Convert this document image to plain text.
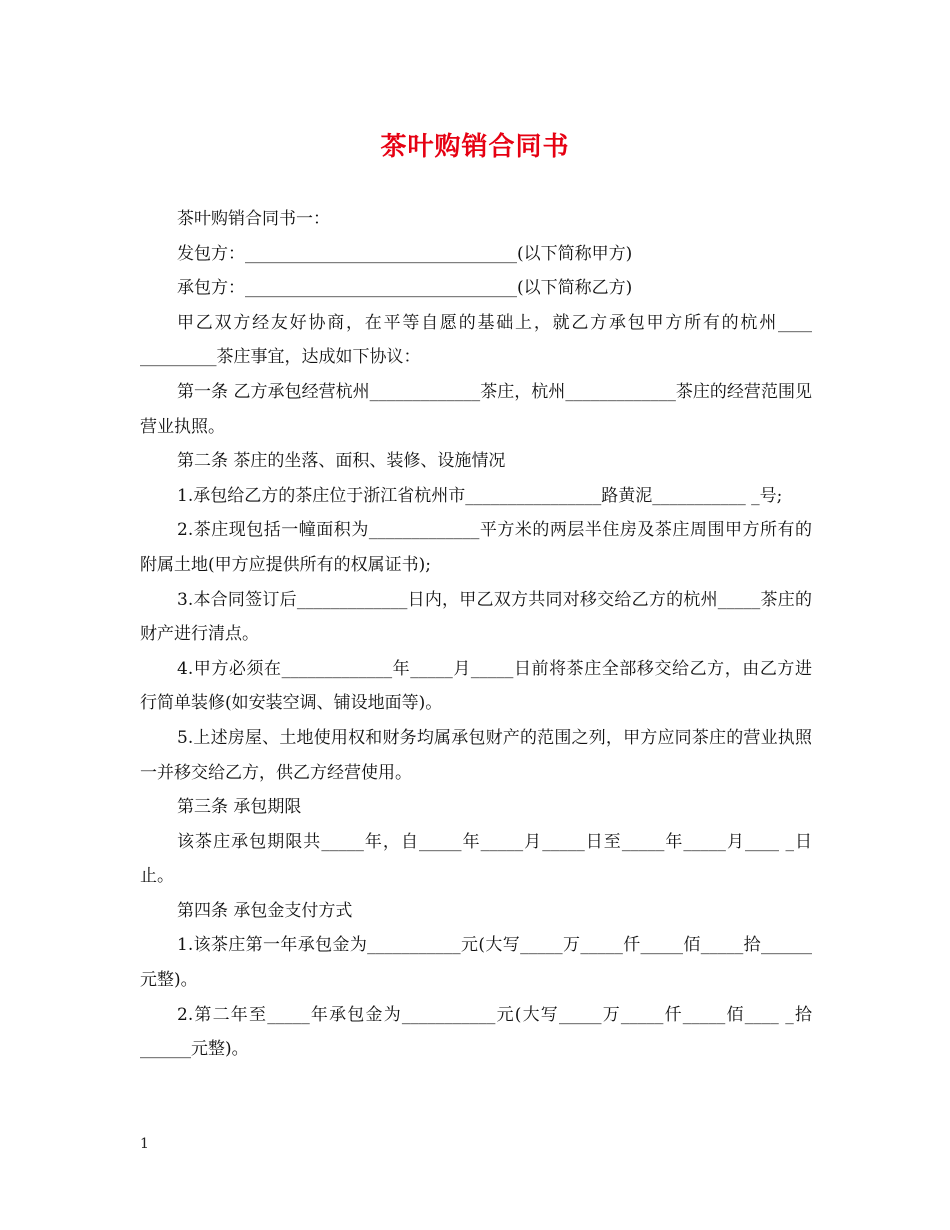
茶叶购销合同书

茶叶购销合同书一：

发包方：________________________________(以下简称甲方)

承包方：________________________________(以下简称乙方)

甲乙双方经友好协商，在平等自愿的基础上，就乙方承包甲方所有的杭州____ _________茶庄事宜，达成如下协议：

第一条 乙方承包经营杭州_____________茶庄，杭州_____________茶庄的经营范围见营业执照。

第二条 茶庄的坐落、面积、装修、设施情况

1.承包给乙方的茶庄位于浙江省杭州市________________路黄泥___________ _号;

2.茶庄现包括一幢面积为_____________平方米的两层半住房及茶庄周围甲方所有的附属土地(甲方应提供所有的权属证书);

3.本合同签订后_____________日内，甲乙双方共同对移交给乙方的杭州_____茶庄的财产进行清点。

4.甲方必须在_____________年_____月_____日前将茶庄全部移交给乙方，由乙方进行简单装修(如安装空调、铺设地面等)。

5.上述房屋、土地使用权和财务均属承包财产的范围之列，甲方应同茶庄的营业执照一并移交给乙方，供乙方经营使用。

第三条 承包期限

该茶庄承包期限共_____年，自_____年_____月_____日至_____年_____月____ _日止。

第四条 承包金支付方式

1.该茶庄第一年承包金为___________元(大写_____万_____仟_____佰_____拾______元整)。

2.第二年至_____年承包金为___________元(大写_____万_____仟_____佰____ _拾______元整)。

1
